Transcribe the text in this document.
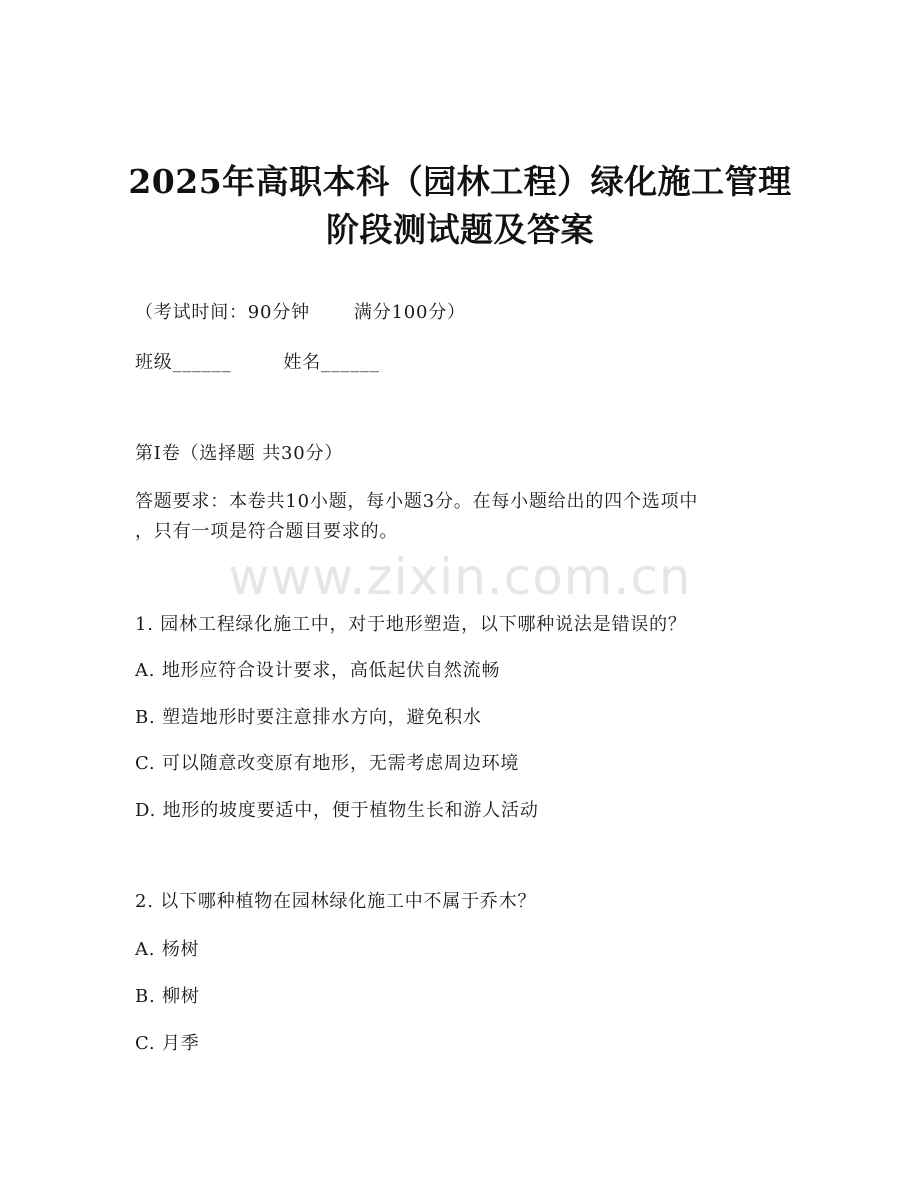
2025年高职本科（园林工程）绿化施工管理
阶段测试题及答案
（考试时间：90分钟 满分100分）
班级______	姓名______
第I卷（选择题 共30分）
答题要求：本卷共10小题，每小题3分。在每小题给出的四个选项中
，只有一项是符合题目要求的。
www.zixin.com.cn
1. 园林工程绿化施工中，对于地形塑造，以下哪种说法是错误的？
A. 地形应符合设计要求，高低起伏自然流畅
B. 塑造地形时要注意排水方向，避免积水
C. 可以随意改变原有地形，无需考虑周边环境
D. 地形的坡度要适中，便于植物生长和游人活动
2. 以下哪种植物在园林绿化施工中不属于乔木？
A. 杨树
B. 柳树
C. 月季
